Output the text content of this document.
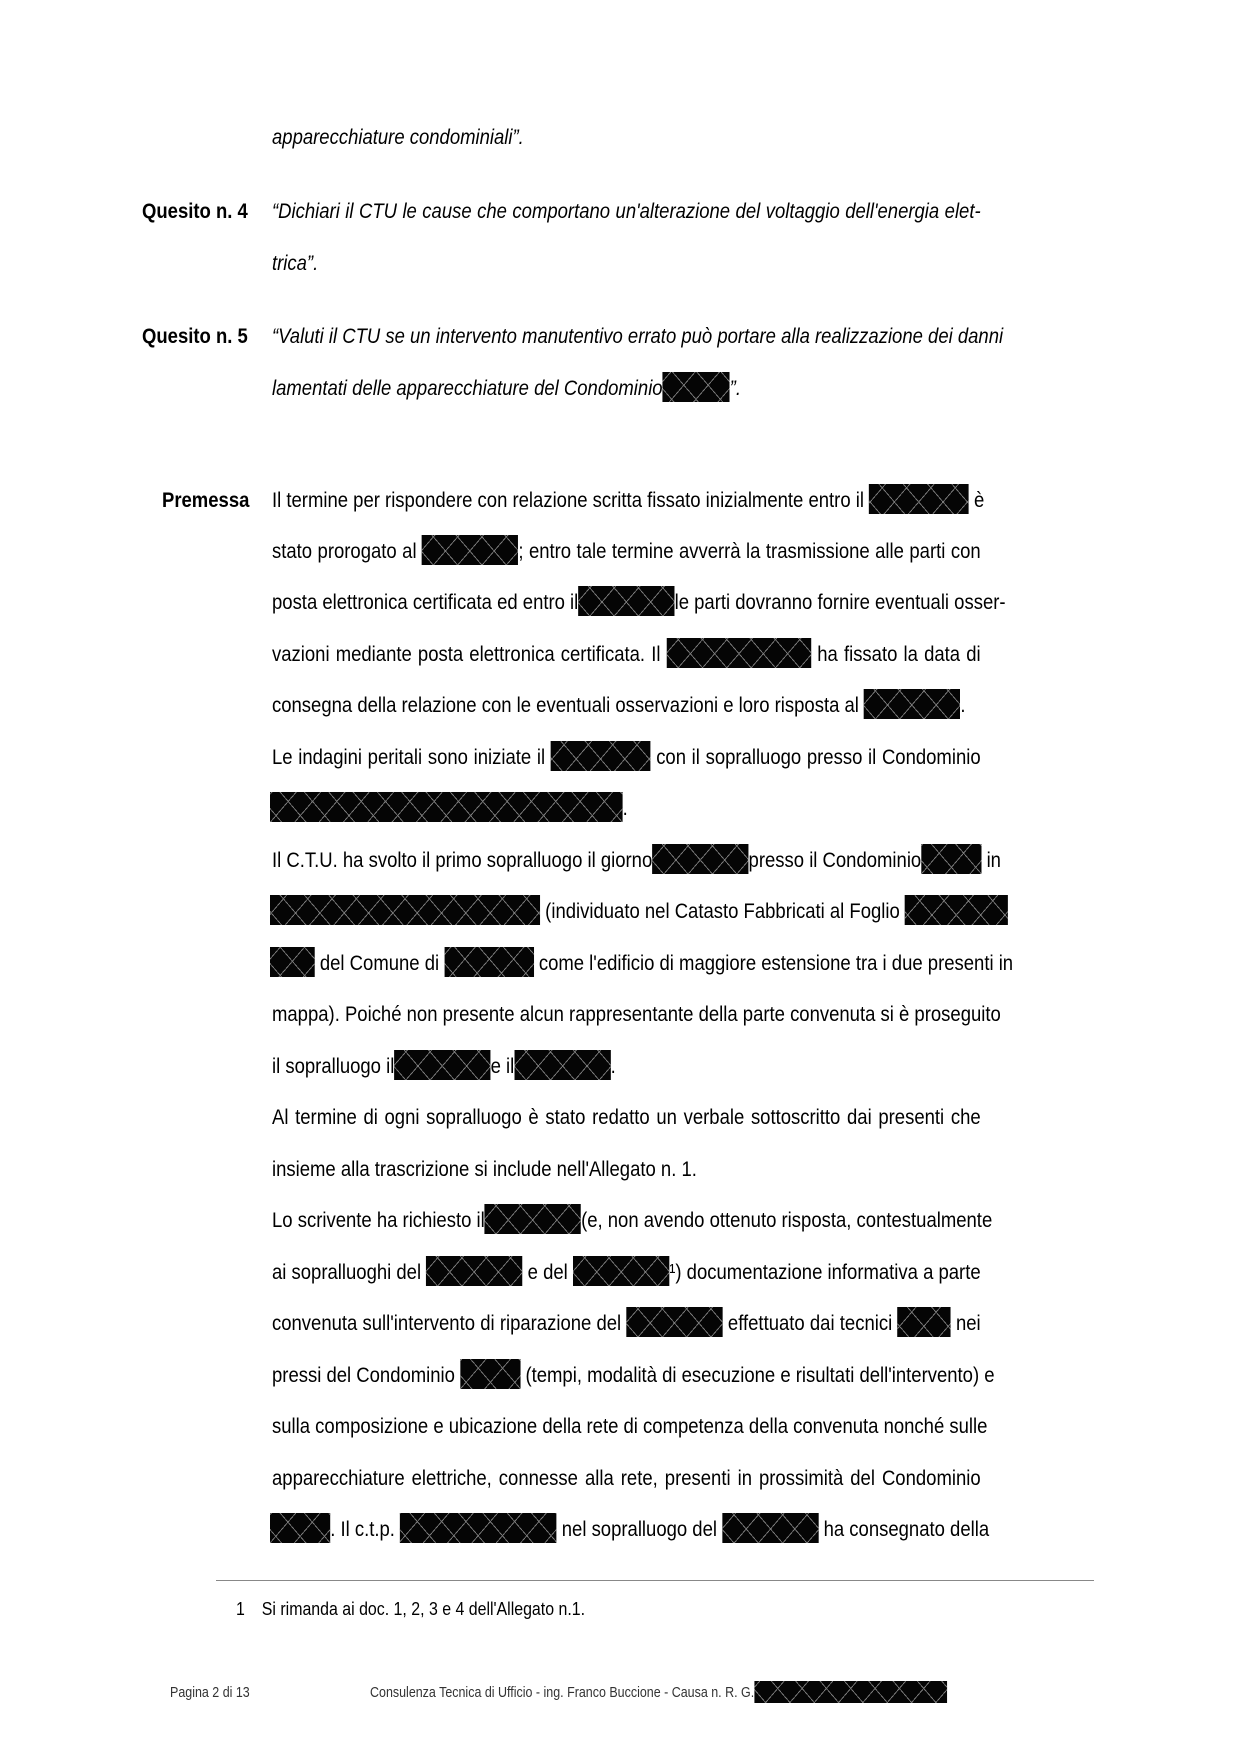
apparecchiature condominiali”.
Quesito n. 4 “Dichiari il CTU le cause che comportano un'alterazione del voltaggio dell'energia elet-
trica”.
Quesito n. 5 “Valuti il CTU se un intervento manutentivo errato può portare alla realizzazione dei danni
lamentati delle apparecchiature del Condominio	”.
Premessa Il termine per rispondere con relazione scritta fissato inizialmente entro il	è
stato prorogato al	; entro tale termine avverrà la trasmissione alle parti con
posta elettronica certificata ed entro il	le parti dovranno fornire eventuali osser-
vazioni mediante posta elettronica certificata. Il	ha fissato la data di
consegna della relazione con le eventuali osservazioni e loro risposta al	.
Le indagini peritali sono iniziate il	con il sopralluogo presso il Condominio
.
Il C.T.U. ha svolto il primo sopralluogo il giorno	presso il Condominio	in
(individuato nel Catasto Fabbricati al Foglio
del Comune di	come l'edificio di maggiore estensione tra i due presenti in
mappa). Poiché non presente alcun rappresentante della parte convenuta si è proseguito
il sopralluogo il	e il	.
Al termine di ogni sopralluogo è stato redatto un verbale sottoscritto dai presenti che
insieme alla trascrizione si include nell'Allegato n. 1.
Lo scrivente ha richiesto il	(e, non avendo ottenuto risposta, contestualmente
ai sopralluoghi del	e del	¹) documentazione informativa a parte
convenuta sull'intervento di riparazione del	effettuato dai tecnici	nei
pressi del Condominio	(tempi, modalità di esecuzione e risultati dell'intervento) e
sulla composizione e ubicazione della rete di competenza della convenuta nonché sulle
apparecchiature elettriche, connesse alla rete, presenti in prossimità del Condominio
. Il c.t.p.	nel sopralluogo del	ha consegnato della
1 Si rimanda ai doc. 1, 2, 3 e 4 dell'Allegato n.1.
Pagina 2 di 13	Consulenza Tecnica di Ufficio - ing. Franco Buccione - Causa n. R. G.
